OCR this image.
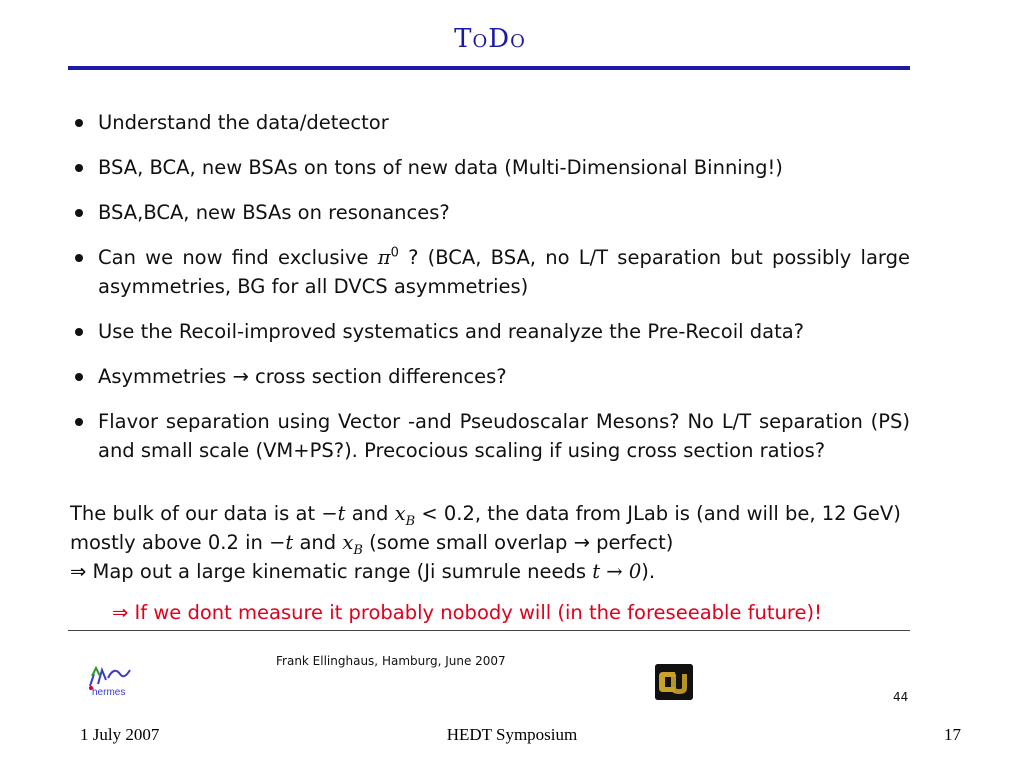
ToDo
Understand the data/detector
BSA, BCA, new BSAs on tons of new data (Multi-Dimensional Binning!)
BSA,BCA, new BSAs on resonances?
Can we now find exclusive $\pi^0$ ? (BCA, BSA, no L/T separation but possibly large asymmetries, BG for all DVCS asymmetries)
Use the Recoil-improved systematics and reanalyze the Pre-Recoil data?
Asymmetries → cross section differences?
Flavor separation using Vector -and Pseudoscalar Mesons? No L/T separation (PS) and small scale (VM+PS?). Precocious scaling if using cross section ratios?
The bulk of our data is at −t and $x_B < 0.2$, the data from JLab is (and will be, 12 GeV) mostly above 0.2 in −t and $x_B$ (some small overlap → perfect)
⇒ Map out a large kinematic range (Ji sumrule needs t → 0).
⇒ If we dont measure it probably nobody will (in the foreseeable future)!
Frank Ellinghaus, Hamburg, June 2007
hermes	44
1 July 2007	HEDT Symposium	17
